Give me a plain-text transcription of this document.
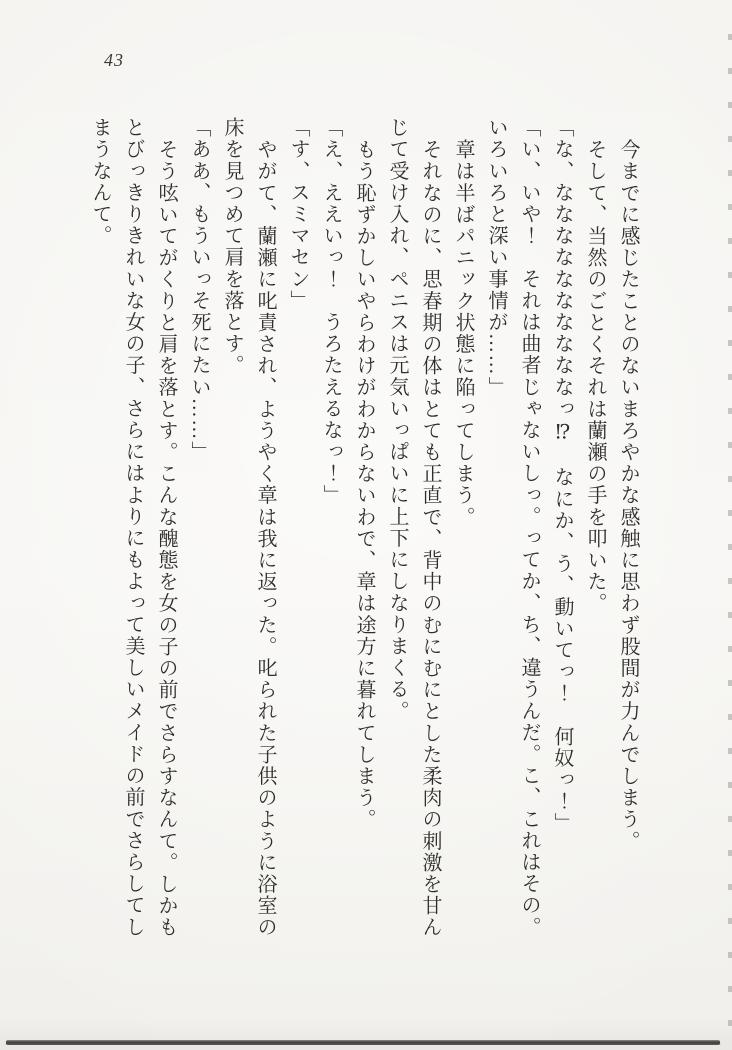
43

今までに感じたことのないまろやかな感触に思わず股間が力んでしまう。

そして、当然のごとくそれは蘭瀬の手を叩いた。

「な、ななななななななななっ⁉　なにか、う、動いてっ！　何奴っ！」

「い、いや！　それは曲者じゃないしっ。ってか、ち、違うんだ。こ、これはその。

いろいろと深い事情が……」

章は半ばパニック状態に陥ってしまう。

それなのに、思春期の体はとても正直で、背中のむにむにとした柔肉の刺激を甘ん

じて受け入れ、ペニスは元気いっぱいに上下にしなりまくる。

もう恥ずかしいやらわけがわからないわで、章は途方に暮れてしまう。

「え、ええいっ！　うろたえるなっ！」

「す、スミマセン」

やがて、蘭瀬に叱責され、ようやく章は我に返った。叱られた子供のように浴室の

床を見つめて肩を落とす。

「ああ、もういっそ死にたい……」

そう呟いてがくりと肩を落とす。こんな醜態を女の子の前でさらすなんて。しかも

とびっきりきれいな女の子、さらにはよりにもよって美しいメイドの前でさらしてし

まうなんて。
